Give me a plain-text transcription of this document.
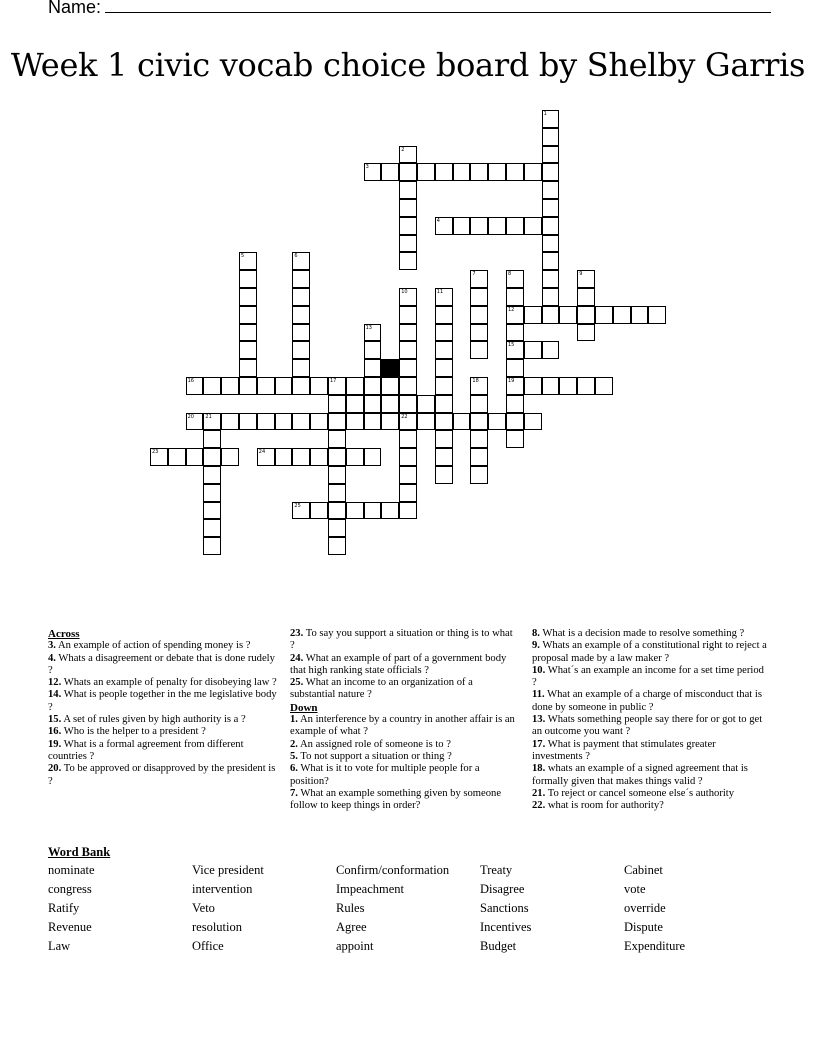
Name:
Week 1 civic vocab choice board by Shelby Garris
3
4
12
16	17
15
19
20 21	22
23	24
25
1
2
5	6
7	8	9
10	11
13
18
Across
3. An example of action of spending money is ?
4. Whats a disagreement or debate that is done rudely ?
12. Whats an example of penalty for disobeying law ?
14. What is people together in the me legislative body ?
15. A set of rules given by high authority is a ?
16. Who is the helper to a president ?
19. What is a formal agreement from different countries ?
20. To be approved or disapproved by the president is ?
23. To say you support a situation or thing is to what ?
24. What an example of part of a government body that high ranking state officials ?
25. What an income to an organization of a substantial nature ?
Down
1. An interference by a country in another affair is an example of what ?
2. An assigned role of someone is to ?
5. To not support a situation or thing ?
6. What is it to vote for multiple people for a position?
7. What an example something given by someone follow to keep things in order?
8. What is a decision made to resolve something ?
9. Whats an example of a constitutional right to reject a proposal made by a law maker ?
10. What´s an example an income for a set time period ?
11. What an example of a charge of misconduct that is done by someone in public ?
13. Whats something people say there for or got to get an outcome you want ?
17. What is payment that stimulates greater investments ?
18. whats an example of a signed agreement that is formally given that makes things valid ?
21. To reject or cancel someone else´s authority
22. what is room for authority?
Word Bank
nominate
congress
Ratify
Revenue
Law
Vice president
intervention
Veto
resolution
Office
Confirm/conformation
Impeachment
Rules
Agree
appoint
Treaty
Disagree
Sanctions
Incentives
Budget
Cabinet
vote
override
Dispute
Expenditure
